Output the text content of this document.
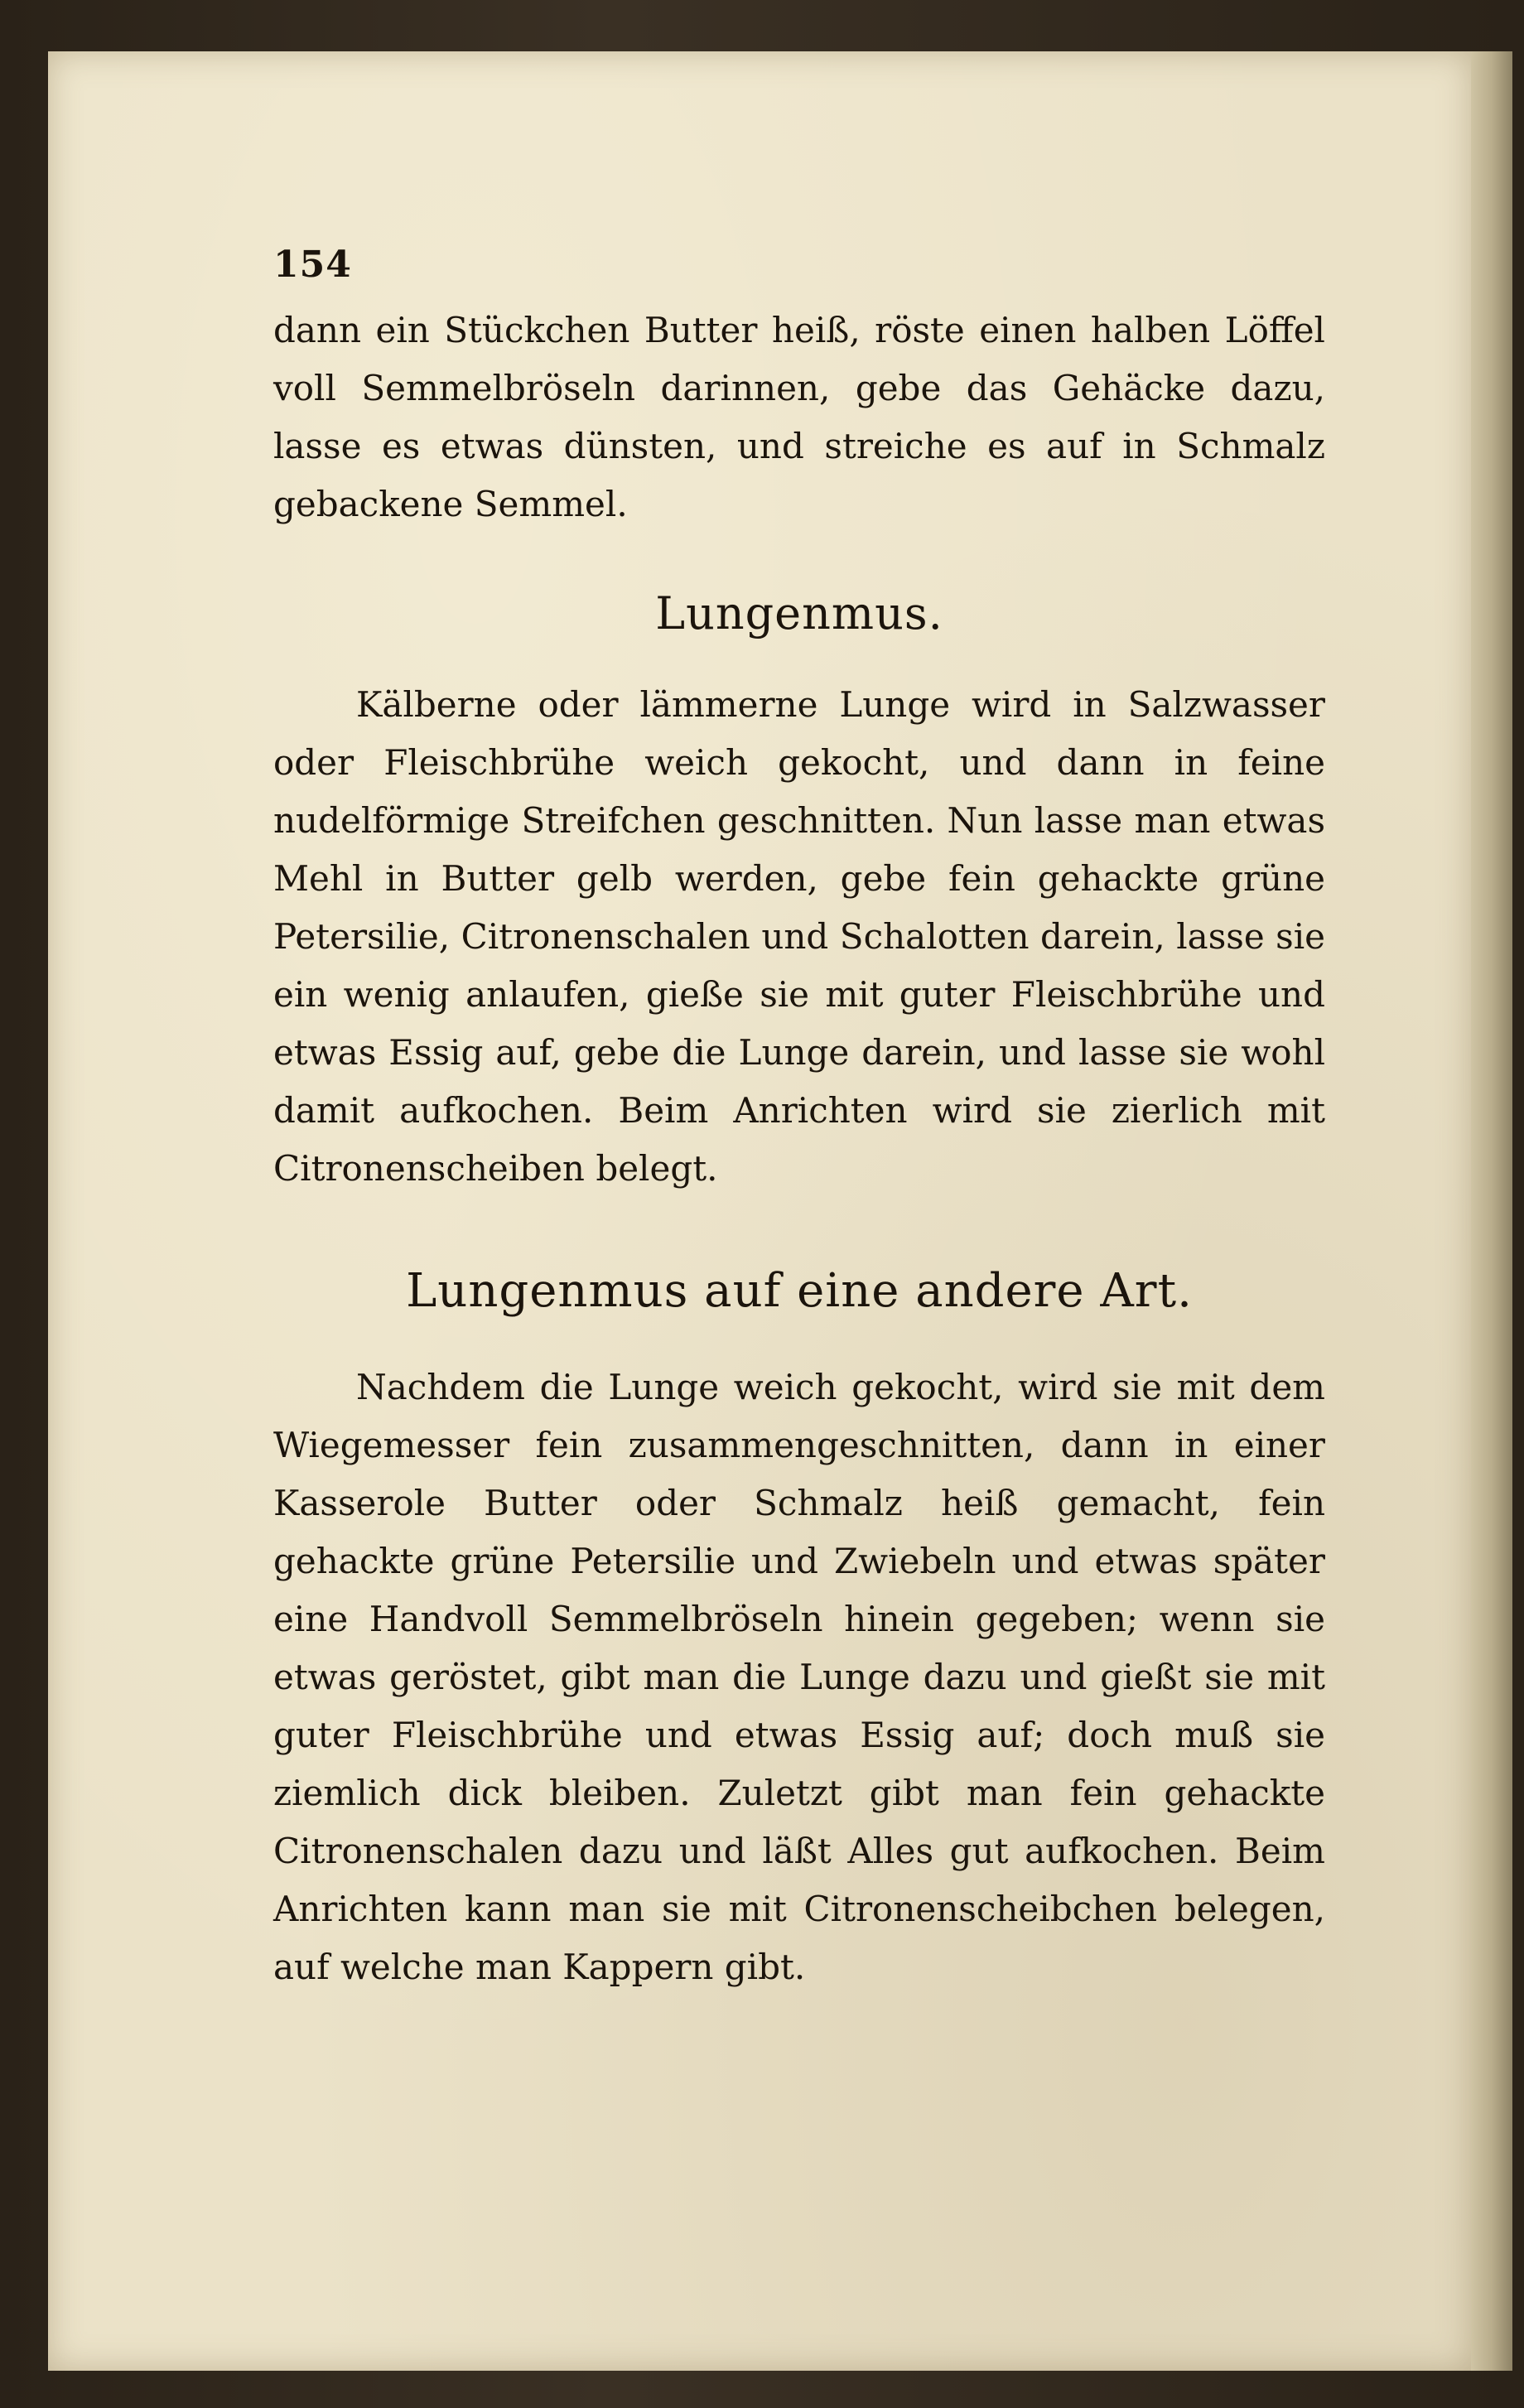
154

dann ein Stückchen Butter heiß, röste einen halben Löffel voll Semmelbröseln darinnen, gebe das Gehäcke dazu, lasse es etwas dünsten, und streiche es auf in Schmalz gebackene Semmel.

Lungenmus.

Kälberne oder lämmerne Lunge wird in Salzwasser oder Fleischbrühe weich gekocht, und dann in feine nudelförmige Streifchen geschnitten. Nun lasse man etwas Mehl in Butter gelb werden, gebe fein gehackte grüne Petersilie, Citronenschalen und Schalotten darein, lasse sie ein wenig anlaufen, gieße sie mit guter Fleischbrühe und etwas Essig auf, gebe die Lunge darein, und lasse sie wohl damit aufkochen. Beim Anrichten wird sie zierlich mit Citronenscheiben belegt.

Lungenmus auf eine andere Art.

Nachdem die Lunge weich gekocht, wird sie mit dem Wiegemesser fein zusammengeschnitten, dann in einer Kasserole Butter oder Schmalz heiß gemacht, fein gehackte grüne Petersilie und Zwiebeln und etwas später eine Handvoll Semmelbröseln hinein gegeben; wenn sie etwas geröstet, gibt man die Lunge dazu und gießt sie mit guter Fleischbrühe und etwas Essig auf; doch muß sie ziemlich dick bleiben. Zuletzt gibt man fein gehackte Citronenschalen dazu und läßt Alles gut aufkochen. Beim Anrichten kann man sie mit Citronenscheibchen belegen, auf welche man Kappern gibt.
